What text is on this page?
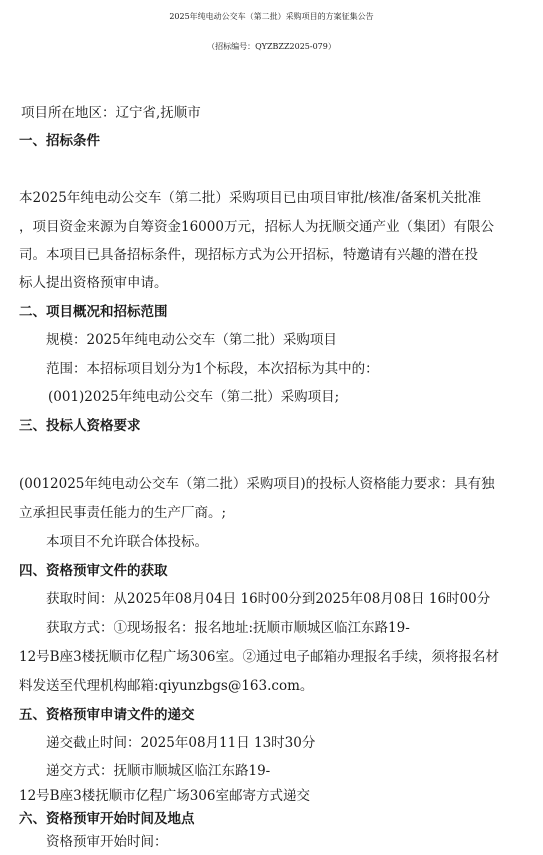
2025年纯电动公交车（第二批）采购项目的方案征集公告
（招标编号：QYZBZZ2025-079）
项目所在地区：辽宁省,抚顺市
一、招标条件
本2025年纯电动公交车（第二批）采购项目已由项目审批/核准/备案机关批准
，项目资金来源为自筹资金16000万元，招标人为抚顺交通产业（集团）有限公
司。本项目已具备招标条件，现招标方式为公开招标，特邀请有兴趣的潜在投
标人提出资格预审申请。
二、项目概况和招标范围
规模：2025年纯电动公交车（第二批）采购项目
范围：本招标项目划分为1个标段，本次招标为其中的：
(001)2025年纯电动公交车（第二批）采购项目;
三、投标人资格要求
(0012025年纯电动公交车（第二批）采购项目)的投标人资格能力要求：具有独
立承担民事责任能力的生产厂商。;
本项目不允许联合体投标。
四、资格预审文件的获取
获取时间：从2025年08月04日 16时00分到2025年08月08日 16时00分
获取方式：①现场报名：报名地址:抚顺市顺城区临江东路19-
12号B座3楼抚顺市亿程广场306室。②通过电子邮箱办理报名手续，须将报名材
料发送至代理机构邮箱:qiyunzbgs@163.com。
五、资格预审申请文件的递交
递交截止时间：2025年08月11日 13时30分
递交方式：抚顺市顺城区临江东路19-
12号B座3楼抚顺市亿程广场306室邮寄方式递交
六、资格预审开始时间及地点
资格预审开始时间：
